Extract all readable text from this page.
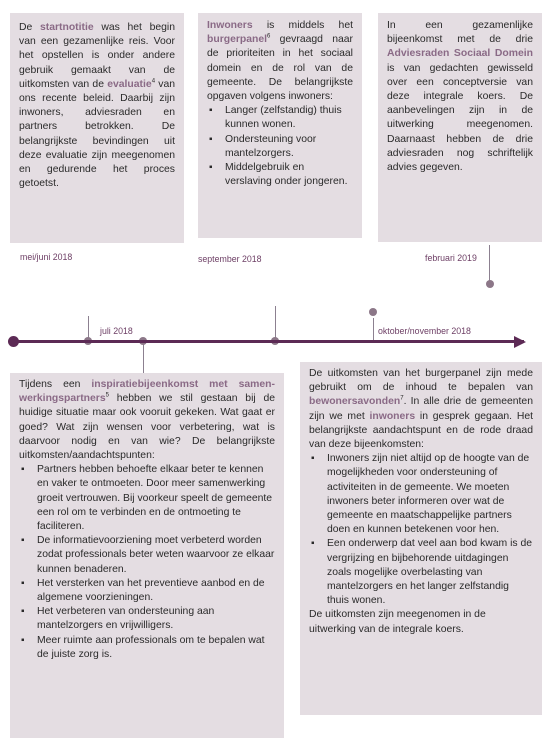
De startnotitie was het begin van een gezamenlijke reis. Voor het opstellen is onder andere gebruik gemaakt van de uitkomsten van de evaluatie$^4$ van ons recente beleid. Daarbij zijn inwoners, adviesraden en partners betrokken. De belangrijkste bevindingen uit deze evaluatie zijn meegenomen en gedurende het proces getoetst.

Inwoners is middels het burgerpanel$^6$ gevraagd naar de prioriteiten in het sociaal domein en de rol van de gemeente. De belangrijkste opgaven volgens inwoners:

▪ Langer (zelfstandig) thuis kunnen wonen.
▪ Ondersteuning voor mantelzorgers.
▪ Middelgebruik en verslaving onder jongeren.

In een gezamenlijke bijeenkomst met de drie Adviesraden Sociaal Domein is van gedachten gewisseld over een conceptversie van deze integrale koers. De aanbevelingen zijn in de uitwerking meegenomen. Daarnaast hebben de drie adviesraden nog schriftelijk advies gegeven.

mei/juni 2018	september 2018	februari 2019
juli 2018	oktober/november 2018

Tijdens een inspiratiebijeenkomst met samen-werkingspartners$^5$ hebben we stil gestaan bij de huidige situatie maar ook vooruit gekeken. Wat gaat er goed? Wat zijn wensen voor verbetering, wat is daarvoor nodig en van wie? De belangrijkste uitkomsten/aandachtspunten:

▪ Partners hebben behoefte elkaar beter te kennen en vaker te ontmoeten. Door meer samenwerking groeit vertrouwen. Bij voorkeur speelt de gemeente een rol om te verbinden en de ontmoeting te faciliteren.
▪ De informatievoorziening moet verbeterd worden zodat professionals beter weten waarvoor ze elkaar kunnen benaderen.
▪ Het versterken van het preventieve aanbod en de algemene voorzieningen.
▪ Het verbeteren van ondersteuning aan mantelzorgers en vrijwilligers.
▪ Meer ruimte aan professionals om te bepalen wat de juiste zorg is.

De uitkomsten van het burgerpanel zijn mede gebruikt om de inhoud te bepalen van bewonersavonden$^7$. In alle drie de gemeenten zijn we met inwoners in gesprek gegaan. Het belangrijkste aandachtspunt en de rode draad van deze bijeenkomsten:

▪ Inwoners zijn niet altijd op de hoogte van de mogelijkheden voor ondersteuning of activiteiten in de gemeente. We moeten inwoners beter informeren over wat de gemeente en maatschappelijke partners doen en kunnen betekenen voor hen.
▪ Een onderwerp dat veel aan bod kwam is de vergrijzing en bijbehorende uitdagingen zoals mogelijke overbelasting van mantelzorgers en het langer zelfstandig thuis wonen.

De uitkomsten zijn meegenomen in de uitwerking van de integrale koers.
